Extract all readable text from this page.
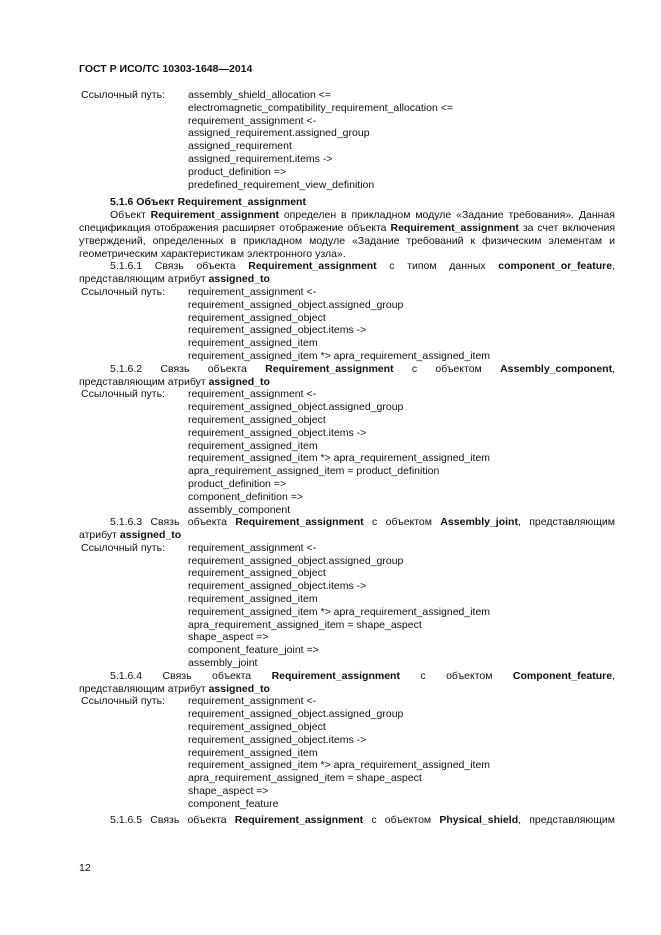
ГОСТ Р ИСО/ТС 10303-1648—2014
Ссылочный путь: assembly_shield_allocation <=
electromagnetic_compatibility_requirement_allocation <=
requirement_assignment <-
assigned_requirement.assigned_group
assigned_requirement
assigned_requirement.items ->
product_definition =>
predefined_requirement_view_definition
5.1.6 Объект Requirement_assignment
Объект Requirement_assignment определен в прикладном модуле «Задание требования». Данная спецификация отображения расширяет отображение объекта Requirement_assignment за счет включения утверждений, определенных в прикладном модуле «Задание требований к физическим элементам и геометрическим характеристикам электронного узла».
5.1.6.1 Связь объекта Requirement_assignment с типом данных component_or_feature,
представляющим атрибут assigned_to
Ссылочный путь: requirement_assignment <-
requirement_assigned_object.assigned_group
requirement_assigned_object
requirement_assigned_object.items ->
requirement_assigned_item
requirement_assigned_item *> apra_requirement_assigned_item
5.1.6.2 Связь объекта Requirement_assignment с объектом Assembly_component,
представляющим атрибут assigned_to
Ссылочный путь: requirement_assignment <-
requirement_assigned_object.assigned_group
requirement_assigned_object
requirement_assigned_object.items ->
requirement_assigned_item
requirement_assigned_item *> apra_requirement_assigned_item
apra_requirement_assigned_item = product_definition
product_definition =>
component_definition =>
assembly_component
5.1.6.3 Связь объекта Requirement_assignment с объектом Assembly_joint, представляющим
атрибут assigned_to
Ссылочный путь: requirement_assignment <-
requirement_assigned_object.assigned_group
requirement_assigned_object
requirement_assigned_object.items ->
requirement_assigned_item
requirement_assigned_item *> apra_requirement_assigned_item
apra_requirement_assigned_item = shape_aspect
shape_aspect =>
component_feature_joint =>
assembly_joint
5.1.6.4 Связь объекта Requirement_assignment с объектом Component_feature,
представляющим атрибут assigned_to
Ссылочный путь: requirement_assignment <-
requirement_assigned_object.assigned_group
requirement_assigned_object
requirement_assigned_object.items ->
requirement_assigned_item
requirement_assigned_item *> apra_requirement_assigned_item
apra_requirement_assigned_item = shape_aspect
shape_aspect =>
component_feature
5.1.6.5 Связь объекта Requirement_assignment с объектом Physical_shield, представляющим
12
